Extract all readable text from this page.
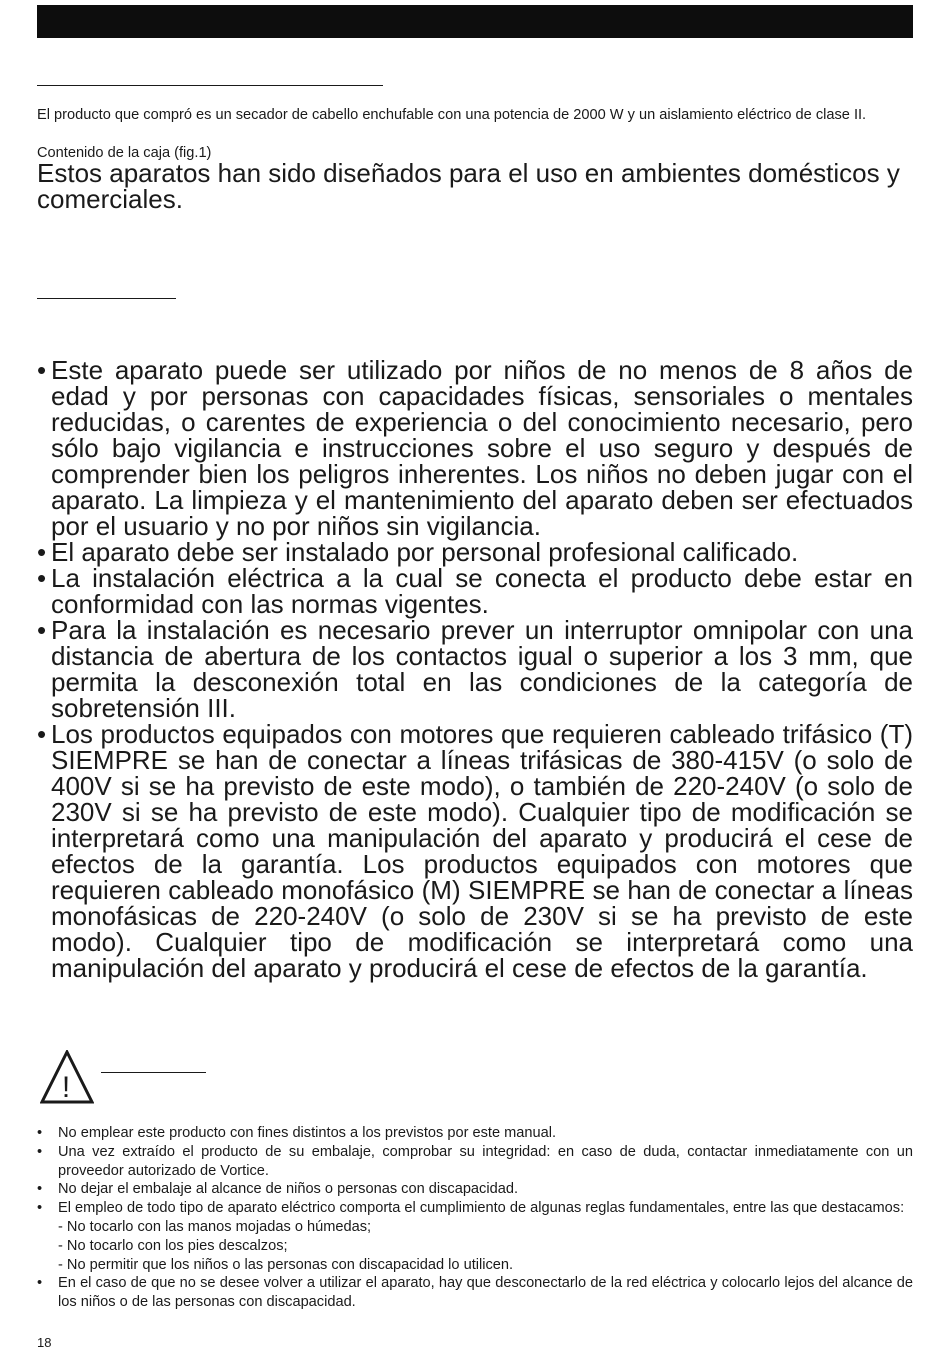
El producto que compró es un secador de cabello enchufable con una potencia de 2000 W y un aislamiento eléctrico de clase II.
Contenido de la caja (fig.1)
Estos aparatos han sido diseñados para el uso en ambientes domésticos y comerciales.
• Este aparato puede ser utilizado por niños de no menos de 8 años de edad y por personas con capacidades físicas, sensoriales o mentales reducidas, o carentes de experiencia o del conocimiento necesario, pero sólo bajo vigilancia e instrucciones sobre el uso seguro y después de comprender bien los peligros inherentes. Los niños no deben jugar con el aparato. La limpieza y el mantenimiento del aparato deben ser efectuados por el usuario y no por niños sin vigilancia.
• El aparato debe ser instalado por personal profesional calificado.
• La instalación eléctrica a la cual se conecta el producto debe estar en conformidad con las normas vigentes.
• Para la instalación es necesario prever un interruptor omnipolar con una distancia de abertura de los contactos igual o superior a los 3 mm, que permita la desconexión total en las condiciones de la categoría de sobretensión III.
• Los productos equipados con motores que requieren cableado trifásico (T) SIEMPRE se han de conectar a líneas trifásicas de 380-415V (o solo de 400V si se ha previsto de este modo), o también de 220-240V (o solo de 230V si se ha previsto de este modo). Cualquier tipo de modificación se interpretará como una manipulación del aparato y producirá el cese de efectos de la garantía. Los productos equipados con motores que requieren cableado monofásico (M) SIEMPRE se han de conectar a líneas monofásicas de 220-240V (o solo de 230V si se ha previsto de este modo). Cualquier tipo de modificación se interpretará como una manipulación del aparato y producirá el cese de efectos de la garantía.
!
• No emplear este producto con fines distintos a los previstos por este manual.
• Una vez extraído el producto de su embalaje, comprobar su integridad: en caso de duda, contactar inmediatamente con un proveedor autorizado de Vortice.
• No dejar el embalaje al alcance de niños o personas con discapacidad.
• El empleo de todo tipo de aparato eléctrico comporta el cumplimiento de algunas reglas fundamentales, entre las que destacamos:
- No tocarlo con las manos mojadas o húmedas;
- No tocarlo con los pies descalzos;
- No permitir que los niños o las personas con discapacidad lo utilicen.
• En el caso de que no se desee volver a utilizar el aparato, hay que desconectarlo de la red eléctrica y colocarlo lejos del alcance de los niños o de las personas con discapacidad.
18
